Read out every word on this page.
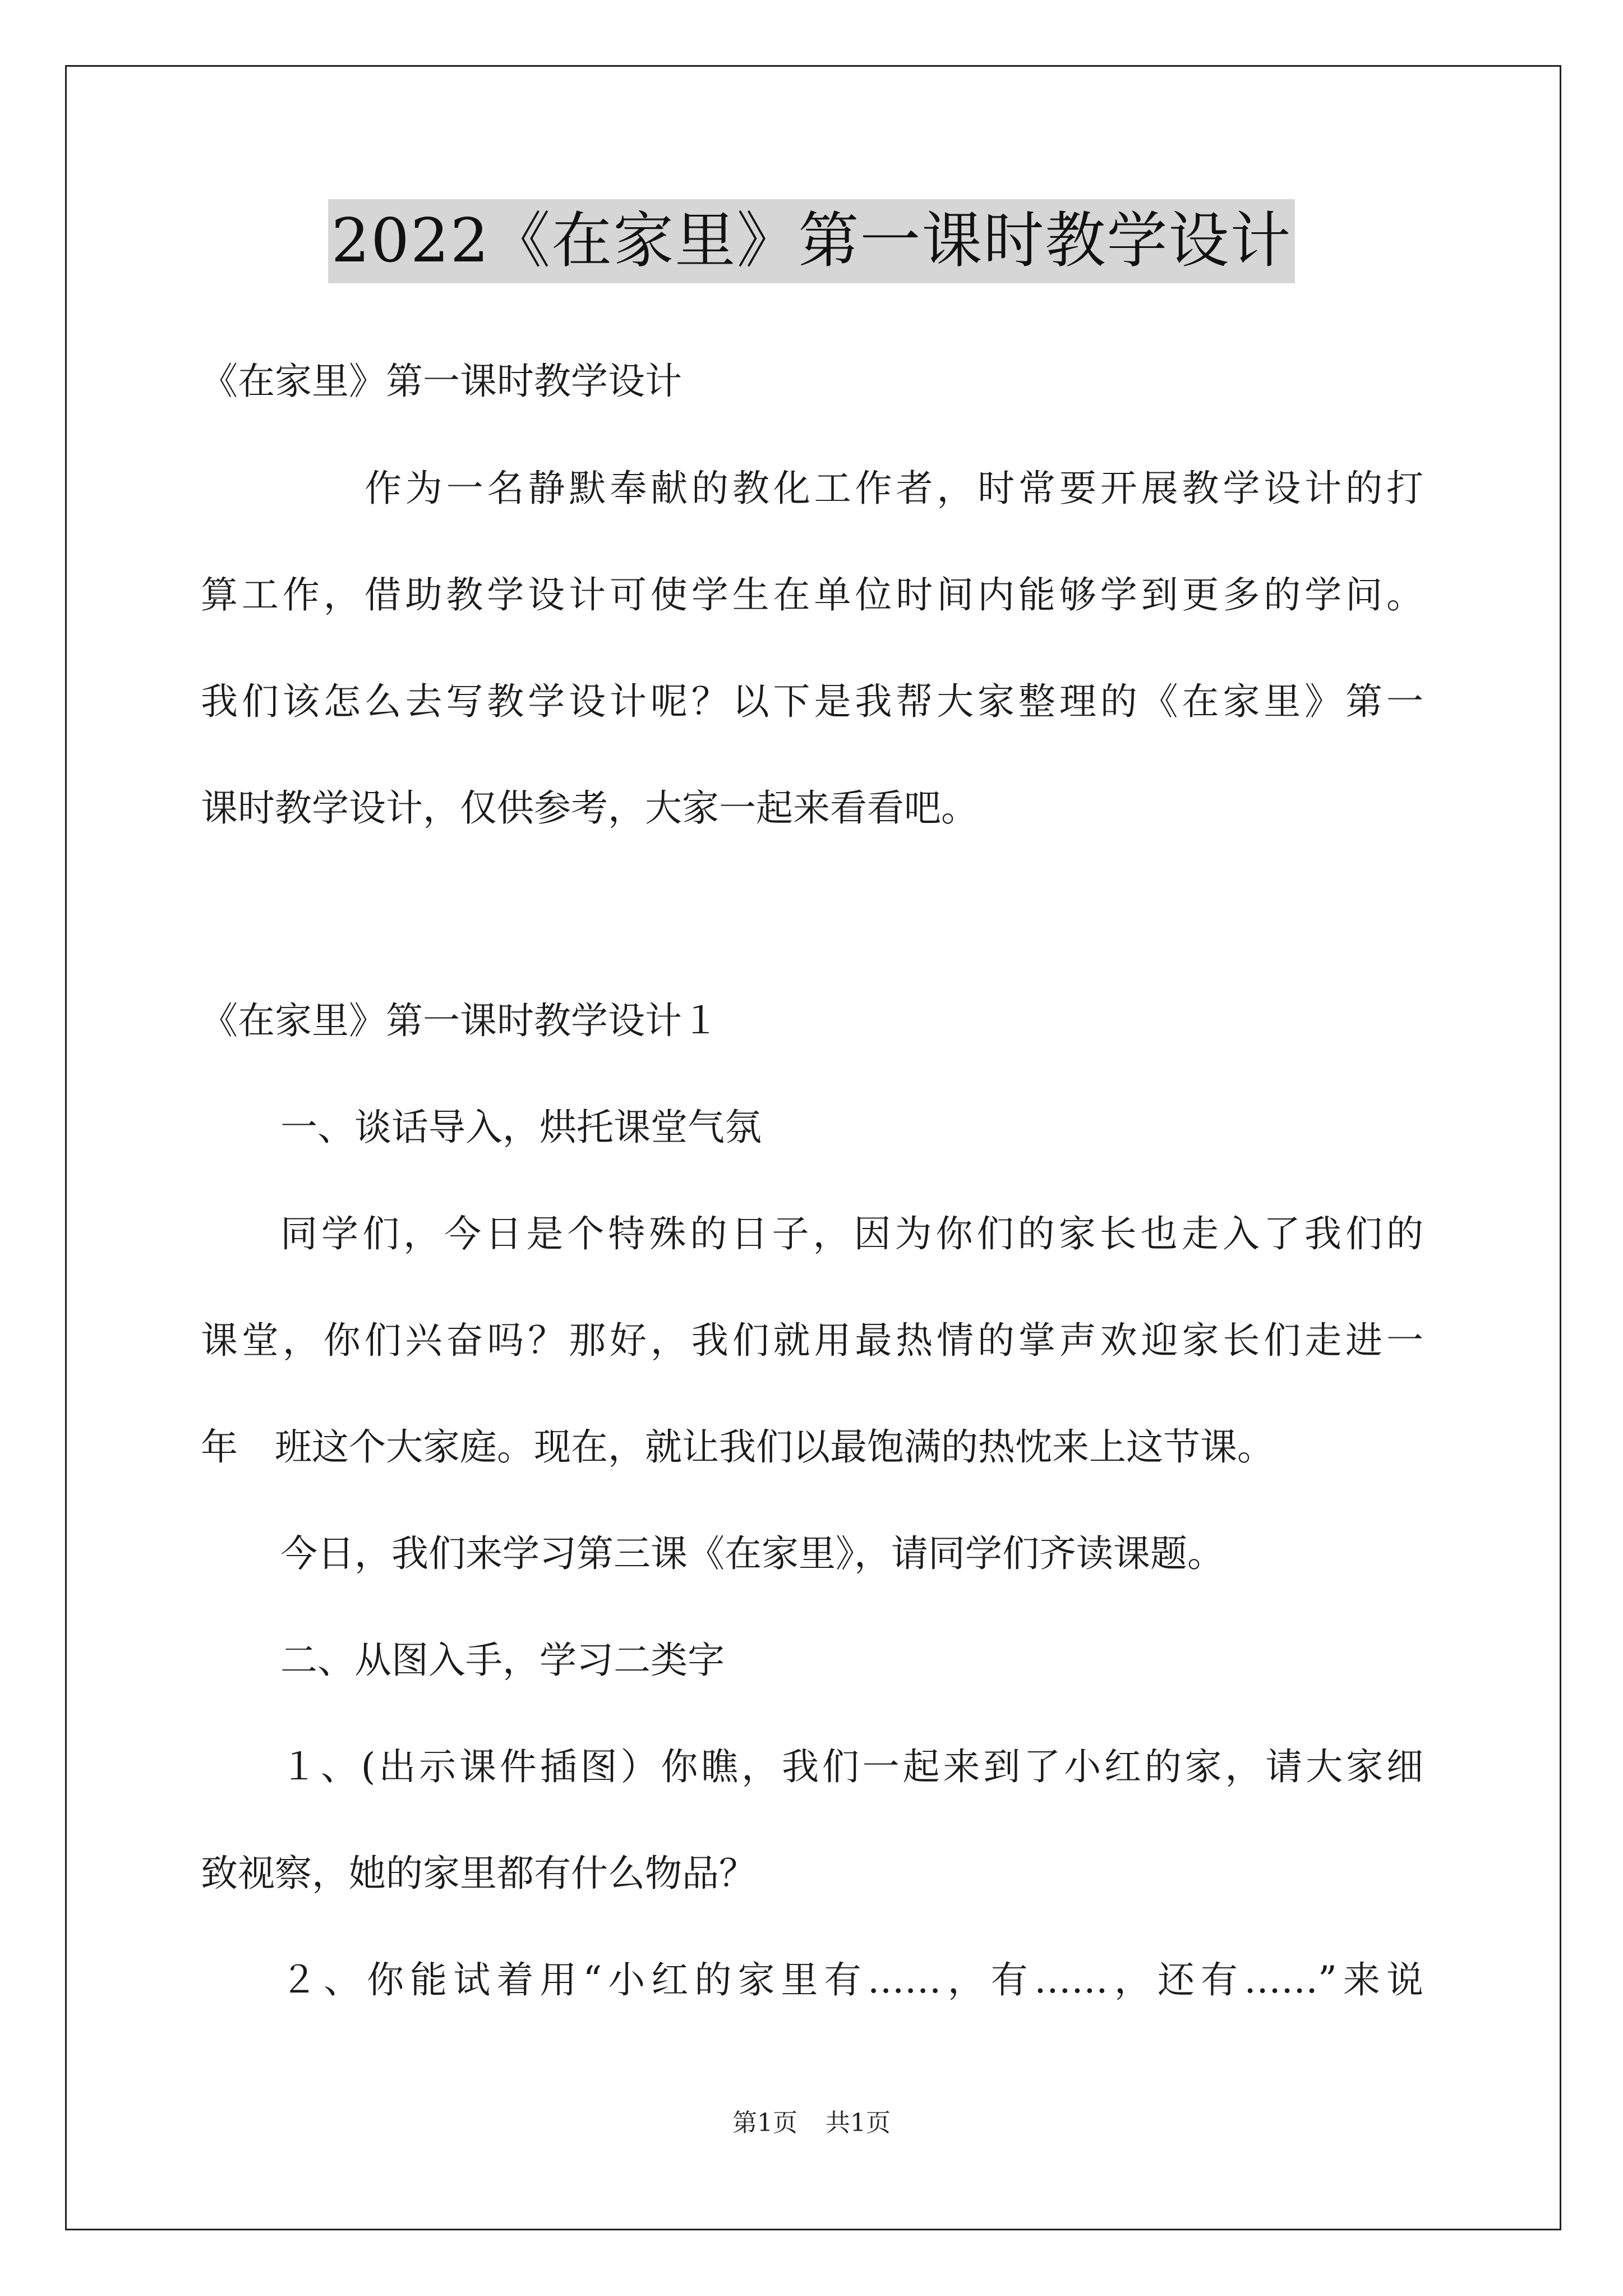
2022《在家里》第一课时教学设计
《在家里》第一课时教学设计
作为一名静默奉献的教化工作者，时常要开展教学设计的打
算工作，借助教学设计可使学生在单位时间内能够学到更多的学问。
我们该怎么去写教学设计呢？以下是我帮大家整理的《在家里》第一
课时教学设计，仅供参考，大家一起来看看吧。
《在家里》第一课时教学设计１
一、谈话导入，烘托课堂气氛
同学们，今日是个特殊的日子，因为你们的家长也走入了我们的
课堂，你们兴奋吗？那好，我们就用最热情的掌声欢迎家长们走进一
年　班这个大家庭。现在，就让我们以最饱满的热忱来上这节课。
今日，我们来学习第三课《在家里》，请同学们齐读课题。
二、从图入手，学习二类字
１、(出示课件插图）你瞧，我们一起来到了小红的家，请大家细
致视察，她的家里都有什么物品？
２、你能试着用“小红的家里有……，有……，还有……”来说
第1页 共1页
